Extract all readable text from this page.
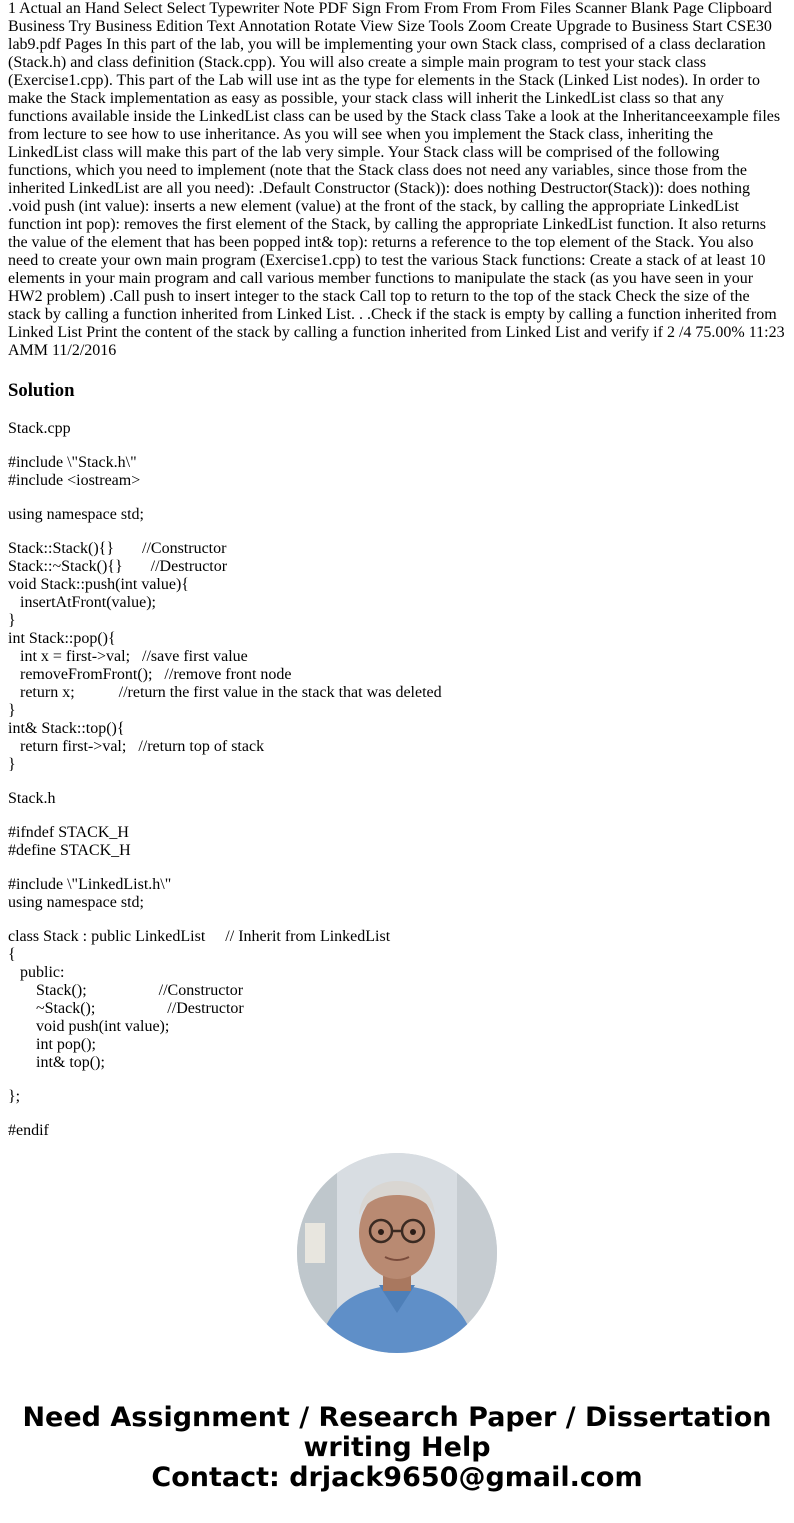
1 Actual an Hand Select Select Typewriter Note PDF Sign From From From From Files Scanner Blank Page Clipboard Business Try Business Edition Text Annotation Rotate View Size Tools Zoom Create Upgrade to Business Start CSE30 lab9.pdf Pages In this part of the lab, you will be implementing your own Stack class, comprised of a class declaration (Stack.h) and class definition (Stack.cpp). You will also create a simple main program to test your stack class (Exercise1.cpp). This part of the Lab will use int as the type for elements in the Stack (Linked List nodes). In order to make the Stack implementation as easy as possible, your stack class will inherit the LinkedList class so that any functions available inside the LinkedList class can be used by the Stack class Take a look at the Inheritanceexample files from lecture to see how to use inheritance. As you will see when you implement the Stack class, inheriting the LinkedList class will make this part of the lab very simple. Your Stack class will be comprised of the following functions, which you need to implement (note that the Stack class does not need any variables, since those from the inherited LinkedList are all you need): .Default Constructor (Stack)): does nothing Destructor(Stack)): does nothing .void push (int value): inserts a new element (value) at the front of the stack, by calling the appropriate LinkedList function int pop): removes the first element of the Stack, by calling the appropriate LinkedList function. It also returns the value of the element that has been popped int& top): returns a reference to the top element of the Stack. You also need to create your own main program (Exercise1.cpp) to test the various Stack functions: Create a stack of at least 10 elements in your main program and call various member functions to manipulate the stack (as you have seen in your HW2 problem) .Call push to insert integer to the stack Call top to return to the top of the stack Check the size of the stack by calling a function inherited from Linked List. . .Check if the stack is empty by calling a function inherited from Linked List Print the content of the stack by calling a function inherited from Linked List and verify if 2 /4 75.00% 11:23 AMM 11/2/2016

Solution
Stack.cpp
#include \"Stack.h\"
#include <iostream>
using namespace std;
Stack::Stack(){}       //Constructor
Stack::~Stack(){}       //Destructor
void Stack::push(int value){
insertAtFront(value);
}
int Stack::pop(){
int x = first->val;   //save first value
removeFromFront();   //remove front node
return x;           //return the first value in the stack that was deleted
}
int& Stack::top(){
return first->val;   //return top of stack
}
Stack.h
#ifndef STACK_H
#define STACK_H
#include \"LinkedList.h\"
using namespace std;
class Stack : public LinkedList     // Inherit from LinkedList
{
public:
Stack();                  //Constructor
~Stack();                  //Destructor
void push(int value);
int pop();
int& top();
};
#endif
Need Assignment / Research Paper / Dissertation
writing Help
Contact: drjack9650@gmail.com
